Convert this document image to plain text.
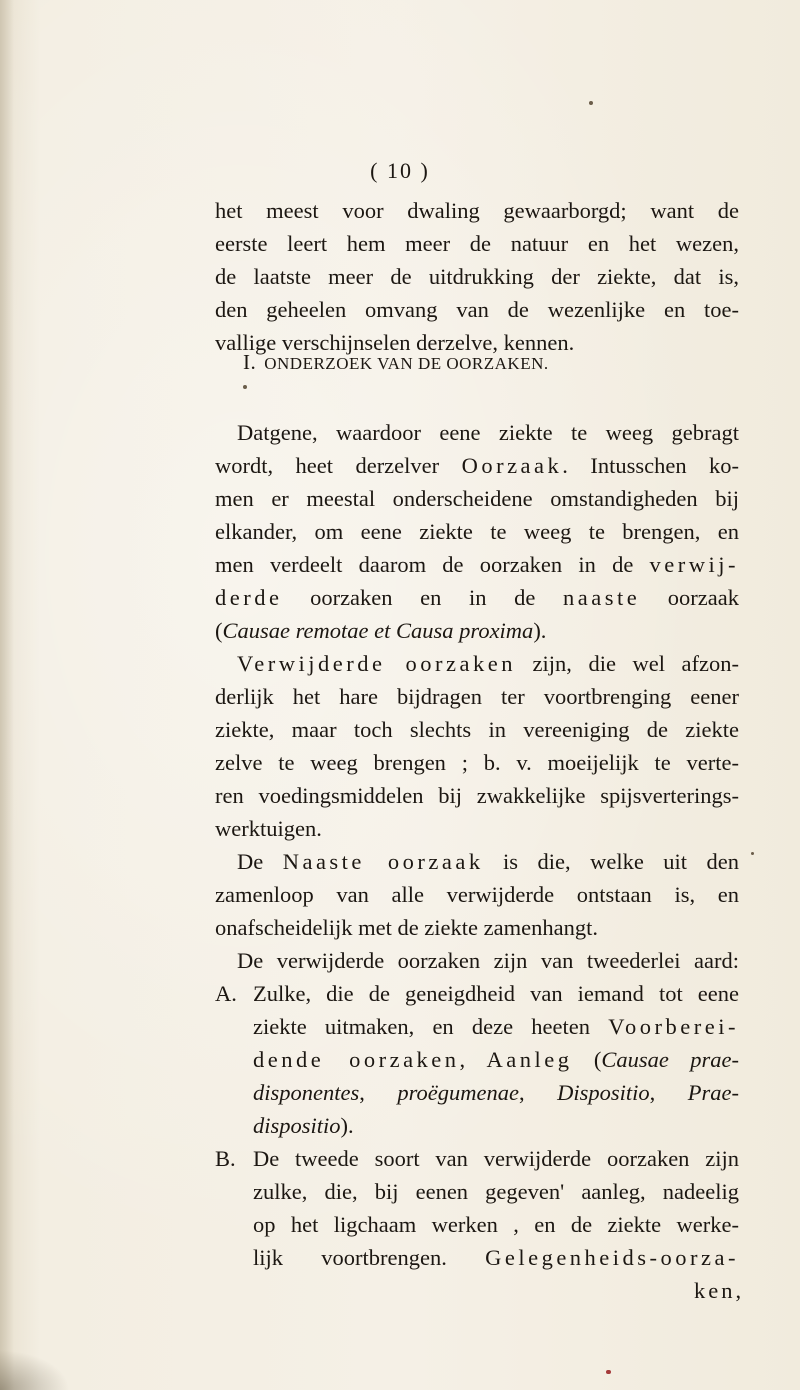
( 10 )
het meest voor dwaling gewaarborgd; want de
eerste leert hem meer de natuur en het wezen,
de laatste meer de uitdrukking der ziekte, dat is,
den geheelen omvang van de wezenlijke en toe-
vallige verschijnselen derzelve, kennen.
I. ONDERZOEK VAN DE OORZAKEN.
Datgene, waardoor eene ziekte te weeg gebragt
wordt, heet derzelver Oorzaak. Intusschen ko-
men er meestal onderscheidene omstandigheden bij
elkander, om eene ziekte te weeg te brengen, en
men verdeelt daarom de oorzaken in de verwij-
derde oorzaken en in de naaste oorzaak
(Causae remotae et Causa proxima).
Verwijderde oorzaken zijn, die wel afzon-
derlijk het hare bijdragen ter voortbrenging eener
ziekte, maar toch slechts in vereeniging de ziekte
zelve te weeg brengen ; b. v. moeijelijk te verte-
ren voedingsmiddelen bij zwakkelijke spijsverterings-
werktuigen.
De Naaste oorzaak is die, welke uit den
zamenloop van alle verwijderde ontstaan is, en
onafscheidelijk met de ziekte zamenhangt.
De verwijderde oorzaken zijn van tweederlei aard:
A. Zulke, die de geneigdheid van iemand tot eene
ziekte uitmaken, en deze heeten Voorberei-
dende oorzaken, Aanleg (Causae prae-
disponentes, proëgumenae, Dispositio, Prae-
dispositio).
B. De tweede soort van verwijderde oorzaken zijn
zulke, die, bij eenen gegeven' aanleg, nadeelig
op het ligchaam werken , en de ziekte werke-
lijk voortbrengen. Gelegenheids-oorza-
ken,
